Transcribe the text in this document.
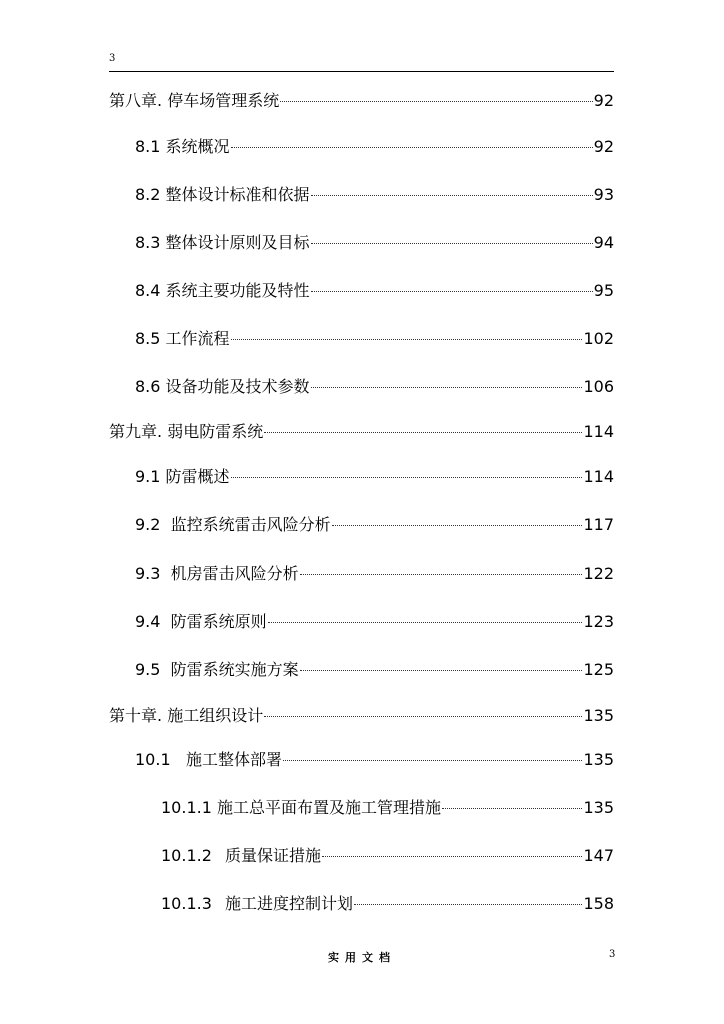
3
第八章. 停车场管理系统	92
8.1 系统概况	92
8.2 整体设计标准和依据	93
8.3 整体设计原则及目标	94
8.4 系统主要功能及特性	95
8.5 工作流程	102
8.6 设备功能及技术参数	106
第九章. 弱电防雷系统	114
9.1 防雷概述	114
9.2 监控系统雷击风险分析	117
9.3 机房雷击风险分析	122
9.4 防雷系统原则	123
9.5 防雷系统实施方案	125
第十章. 施工组织设计	135
10.1 施工整体部署	135
10.1.1 施工总平面布置及施工管理措施	135
10.1.2 质量保证措施	147
10.1.3 施工进度控制计划	158
实用文档	3
